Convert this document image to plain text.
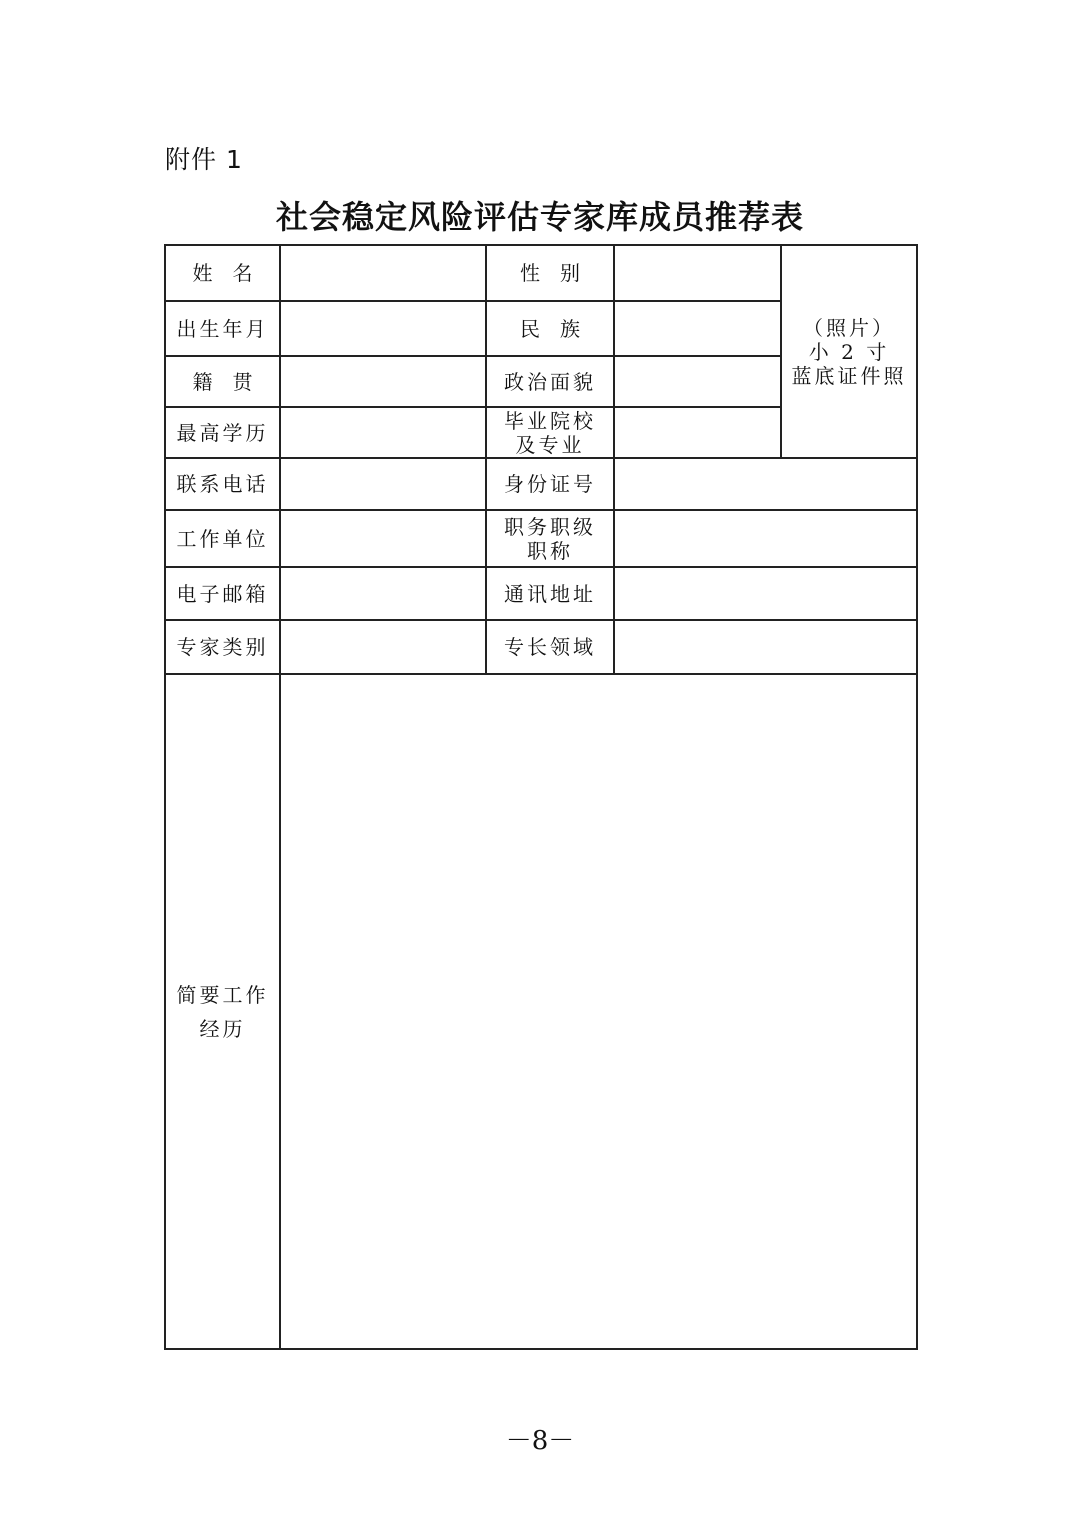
附件 1
社会稳定风险评估专家库成员推荐表
姓　名		性　别		（照片）
小 2 寸
蓝底证件照

出生年月		民　族		
籍　贯		政治面貌		
最高学历		毕业院校
及专业		

联系电话		身份证号		
工作单位		职务职级
职称		

电子邮箱		通讯地址		
专家类别		专长领域		

简要工作
经历				

－8－
